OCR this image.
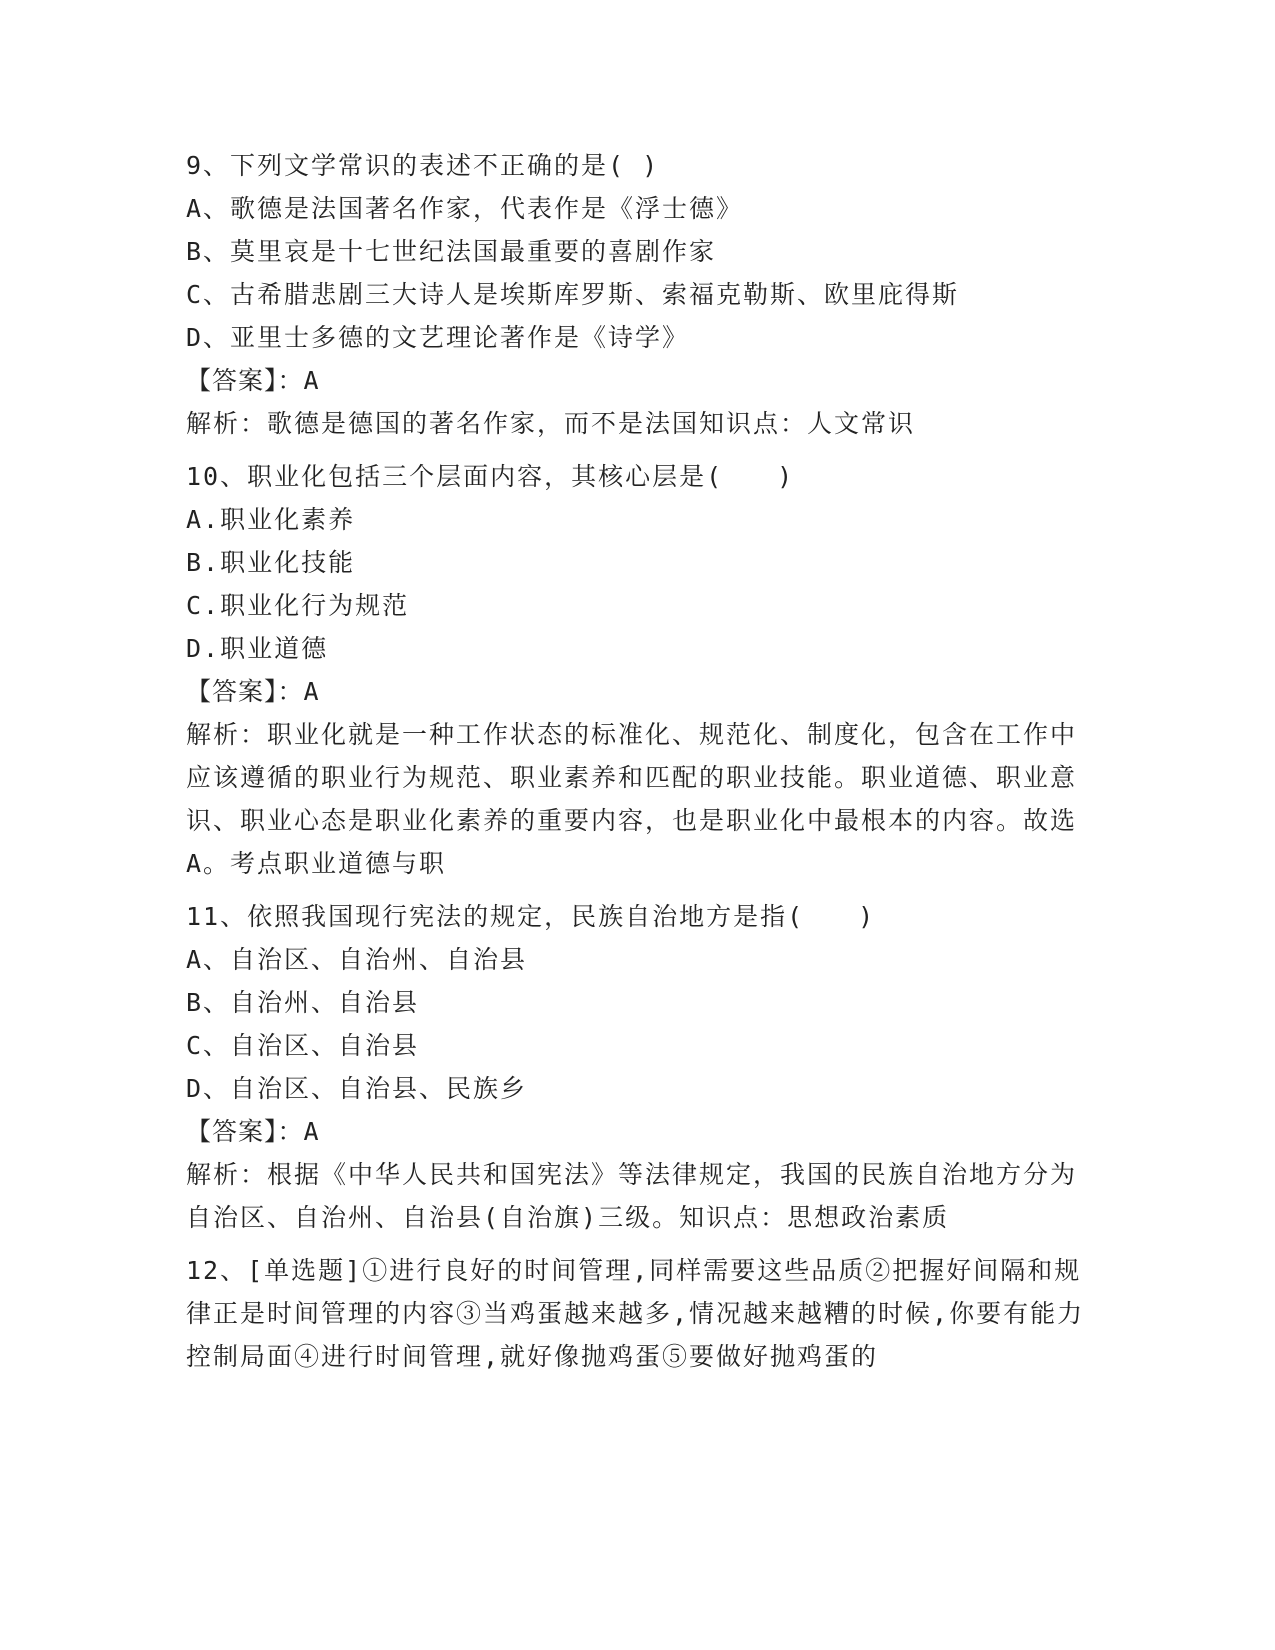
9、下列文学常识的表述不正确的是( )
A、歌德是法国著名作家，代表作是《浮士德》
B、莫里哀是十七世纪法国最重要的喜剧作家
C、古希腊悲剧三大诗人是埃斯库罗斯、索福克勒斯、欧里庇得斯
D、亚里士多德的文艺理论著作是《诗学》
【答案】：A
解析：歌德是德国的著名作家，而不是法国知识点：人文常识
10、职业化包括三个层面内容，其核心层是(　　)
A.职业化素养
B.职业化技能
C.职业化行为规范
D.职业道德
【答案】：A
解析：职业化就是一种工作状态的标准化、规范化、制度化，包含在工作中应该遵循的职业行为规范、职业素养和匹配的职业技能。职业道德、职业意识、职业心态是职业化素养的重要内容，也是职业化中最根本的内容。故选A。考点职业道德与职
11、依照我国现行宪法的规定，民族自治地方是指(　　)
A、自治区、自治州、自治县
B、自治州、自治县
C、自治区、自治县
D、自治区、自治县、民族乡
【答案】：A
解析：根据《中华人民共和国宪法》等法律规定，我国的民族自治地方分为自治区、自治州、自治县(自治旗)三级。知识点：思想政治素质
12、[单选题]①进行良好的时间管理,同样需要这些品质②把握好间隔和规律正是时间管理的内容③当鸡蛋越来越多,情况越来越糟的时候,你要有能力控制局面④进行时间管理,就好像抛鸡蛋⑤要做好抛鸡蛋的
